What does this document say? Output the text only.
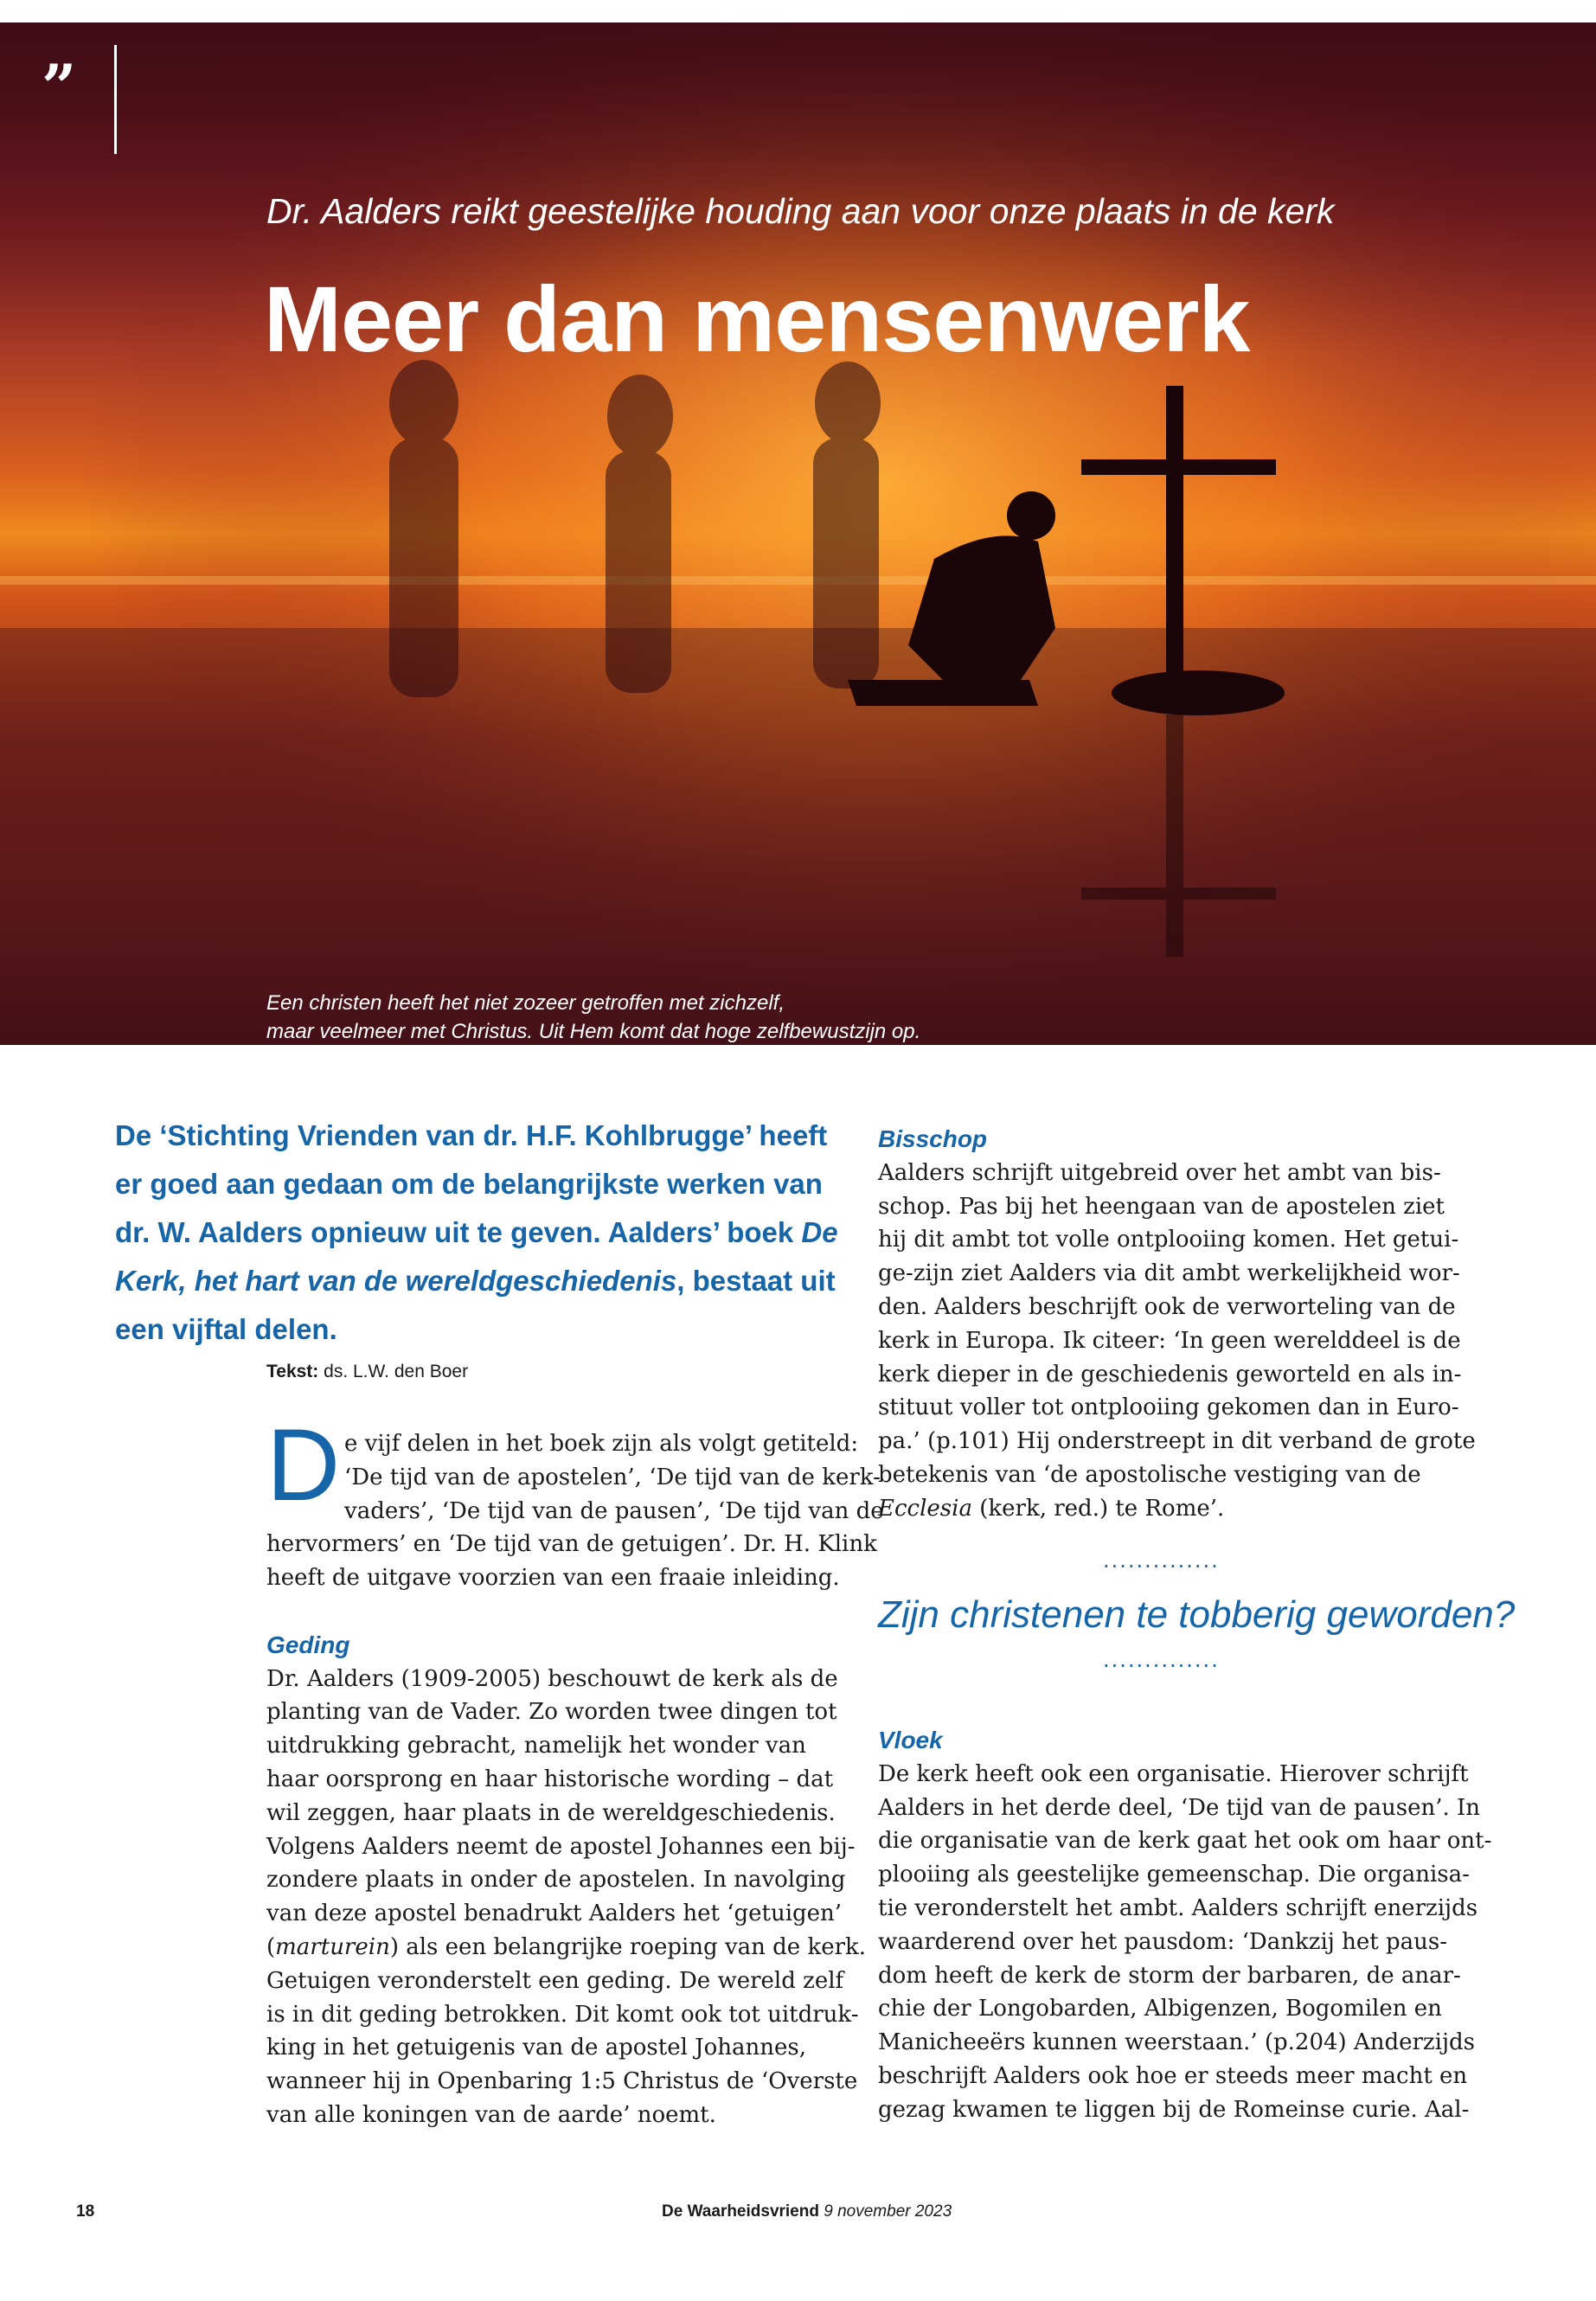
”
Dr. Aalders reikt geestelijke houding aan voor onze plaats in de kerk
Meer dan mensenwerk
Een christen heeft het niet zozeer getroffen met zichzelf,
maar veelmeer met Christus. Uit Hem komt dat hoge zelfbewustzijn op.
De ‘Stichting Vrienden van dr. H.F. Kohlbrugge’ heeft er goed aan gedaan om de belangrijkste werken van dr. W. Aalders opnieuw uit te geven. Aalders’ boek De Kerk, het hart van de wereldgeschiedenis, bestaat uit een vijftal delen.
Tekst: ds. L.W. den Boer
D e vijf delen in het boek zijn als volgt getiteld:
‘De tijd van de apostelen’, ‘De tijd van de kerk-
vaders’, ‘De tijd van de pausen’, ‘De tijd van de
hervormers’ en ‘De tijd van de getuigen’. Dr. H. Klink
heeft de uitgave voorzien van een fraaie inleiding.
Geding
Dr. Aalders (1909-2005) beschouwt de kerk als de
planting van de Vader. Zo worden twee dingen tot
uitdrukking gebracht, namelijk het wonder van
haar oorsprong en haar historische wording – dat
wil zeggen, haar plaats in de wereldgeschiedenis.
Volgens Aalders neemt de apostel Johannes een bij-
zondere plaats in onder de apostelen. In navolging
van deze apostel benadrukt Aalders het ‘getuigen’
(marturein) als een belangrijke roeping van de kerk.
Getuigen veronderstelt een geding. De wereld zelf
is in dit geding betrokken. Dit komt ook tot uitdruk-
king in het getuigenis van de apostel Johannes,
wanneer hij in Openbaring 1:5 Christus de ‘Overste
van alle koningen van de aarde’ noemt.
Bisschop
Aalders schrijft uitgebreid over het ambt van bis-
schop. Pas bij het heengaan van de apostelen ziet
hij dit ambt tot volle ontplooiing komen. Het getui-
ge-zijn ziet Aalders via dit ambt werkelijkheid wor-
den. Aalders beschrijft ook de verworteling van de
kerk in Europa. Ik citeer: ‘In geen werelddeel is de
kerk dieper in de geschiedenis geworteld en als in-
stituut voller tot ontplooiing gekomen dan in Euro-
pa.’ (p.101) Hij onderstreept in dit verband de grote
betekenis van ‘de apostolische vestiging van de
Ecclesia (kerk, red.) te Rome’.
..............
Zijn christenen te tobberig geworden?
..............
Vloek
De kerk heeft ook een organisatie. Hierover schrijft
Aalders in het derde deel, ‘De tijd van de pausen’. In
die organisatie van de kerk gaat het ook om haar ont-
plooiing als geestelijke gemeenschap. Die organisa-
tie veronderstelt het ambt. Aalders schrijft enerzijds
waarderend over het pausdom: ‘Dankzij het paus-
dom heeft de kerk de storm der barbaren, de anar-
chie der Longobarden, Albigenzen, Bogomilen en
Manicheeërs kunnen weerstaan.’ (p.204) Anderzijds
beschrijft Aalders ook hoe er steeds meer macht en
gezag kwamen te liggen bij de Romeinse curie. Aal-
18	De Waarheidsvriend 9 november 2023
